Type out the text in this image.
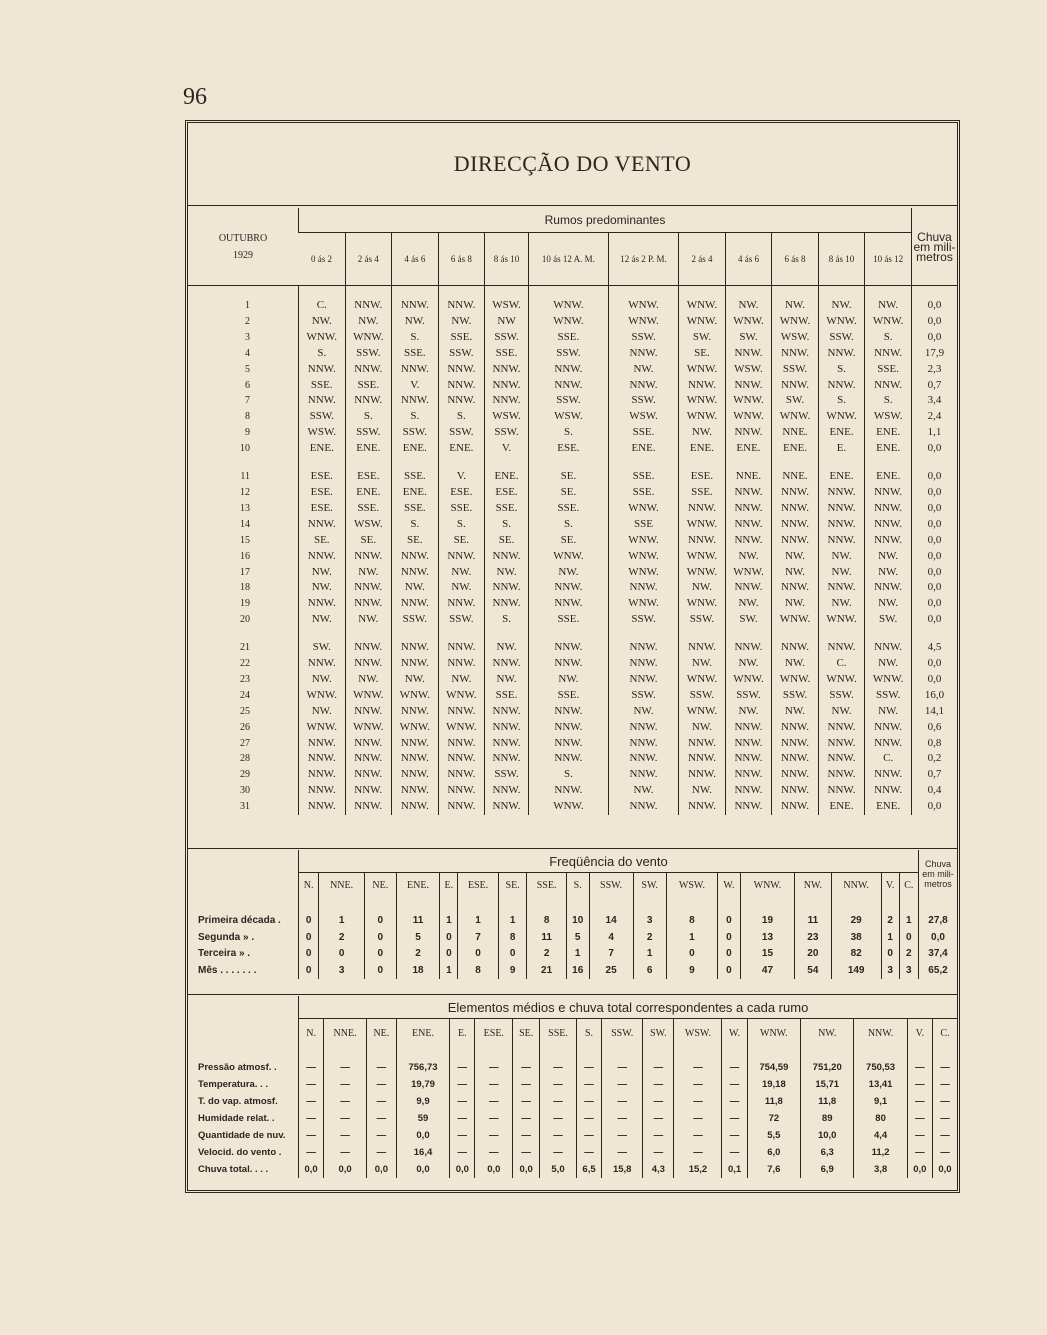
96
DIRECÇÃO DO VENTO
OUTUBRO
1929	Rumos predominantes												Chuva em mili- metros
	0 ás 2	2 ás 4	4 ás 6	6 ás 8	8 ás 10	10 ás 12 A. M.	12 ás 2 P. M.	2 ás 4	4 ás 6	6 ás 8	8 ás 10	10 ás 12	

1	C.	NNW.	NNW.	NNW.	WSW.	WNW.	WNW.	WNW.	NW.	NW.	NW.	NW.	0,0
2	NW.	NW.	NW.	NW.	NW	WNW.	WNW.	WNW.	WNW.	WNW.	WNW.	WNW.	0,0
3	WNW.	WNW.	S.	SSE.	SSW.	SSE.	SSW.	SW.	SW.	WSW.	SSW.	S.	0,0
4	S.	SSW.	SSE.	SSW.	SSE.	SSW.	NNW.	SE.	NNW.	NNW.	NNW.	NNW.	17,9
5	NNW.	NNW.	NNW.	NNW.	NNW.	NNW.	NW.	WNW.	WSW.	SSW.	S.	SSE.	2,3
6	SSE.	SSE.	V.	NNW.	NNW.	NNW.	NNW.	NNW.	NNW.	NNW.	NNW.	NNW.	0,7
7	NNW.	NNW.	NNW.	NNW.	NNW.	SSW.	SSW.	WNW.	WNW.	SW.	S.	S.	3,4
8	SSW.	S.	S.	S.	WSW.	WSW.	WSW.	WNW.	WNW.	WNW.	WNW.	WSW.	2,4
9	WSW.	SSW.	SSW.	SSW.	SSW.	S.	SSE.	NW.	NNW.	NNE.	ENE.	ENE.	1,1
10	ENE.	ENE.	ENE.	ENE.	V.	ESE.	ENE.	ENE.	ENE.	ENE.	E.	ENE.	0,0

11	ESE.	ESE.	SSE.	V.	ENE.	SE.	SSE.	ESE.	NNE.	NNE.	ENE.	ENE.	0,0
12	ESE.	ENE.	ENE.	ESE.	ESE.	SE.	SSE.	SSE.	NNW.	NNW.	NNW.	NNW.	0,0
13	ESE.	SSE.	SSE.	SSE.	SSE.	SSE.	WNW.	NNW.	NNW.	NNW.	NNW.	NNW.	0,0
14	NNW.	WSW.	S.	S.	S.	S.	SSE	WNW.	NNW.	NNW.	NNW.	NNW.	0,0
15	SE.	SE.	SE.	SE.	SE.	SE.	WNW.	NNW.	NNW.	NNW.	NNW.	NNW.	0,0
16	NNW.	NNW.	NNW.	NNW.	NNW.	WNW.	WNW.	WNW.	NW.	NW.	NW.	NW.	0,0
17	NW.	NW.	NNW.	NW.	NW.	NW.	WNW.	WNW.	WNW.	NW.	NW.	NW.	0,0
18	NW.	NNW.	NW.	NW.	NNW.	NNW.	NNW.	NW.	NNW.	NNW.	NNW.	NNW.	0,0
19	NNW.	NNW.	NNW.	NNW.	NNW.	NNW.	WNW.	WNW.	NW.	NW.	NW.	NW.	0,0
20	NW.	NW.	SSW.	SSW.	S.	SSE.	SSW.	SSW.	SW.	WNW.	WNW.	SW.	0,0

21	SW.	NNW.	NNW.	NNW.	NW.	NNW.	NNW.	NNW.	NNW.	NNW.	NNW.	NNW.	4,5
22	NNW.	NNW.	NNW.	NNW.	NNW.	NNW.	NNW.	NW.	NW.	NW.	C.	NW.	0,0
23	NW.	NW.	NW.	NW.	NW.	NW.	NNW.	WNW.	WNW.	WNW.	WNW.	WNW.	0,0
24	WNW.	WNW.	WNW.	WNW.	SSE.	SSE.	SSW.	SSW.	SSW.	SSW.	SSW.	SSW.	16,0
25	NW.	NNW.	NNW.	NNW.	NNW.	NNW.	NW.	WNW.	NW.	NW.	NW.	NW.	14,1
26	WNW.	WNW.	WNW.	WNW.	NNW.	NNW.	NNW.	NW.	NNW.	NNW.	NNW.	NNW.	0,6
27	NNW.	NNW.	NNW.	NNW.	NNW.	NNW.	NNW.	NNW.	NNW.	NNW.	NNW.	NNW.	0,8
28	NNW.	NNW.	NNW.	NNW.	NNW.	NNW.	NNW.	NNW.	NNW.	NNW.	NNW.	C.	0,2
29	NNW.	NNW.	NNW.	NNW.	SSW.	S.	NNW.	NNW.	NNW.	NNW.	NNW.	NNW.	0,7
30	NNW.	NNW.	NNW.	NNW.	NNW.	NNW.	NW.	NW.	NNW.	NNW.	NNW.	NNW.	0,4
31	NNW.	NNW.	NNW.	NNW.	NNW.	WNW.	NNW.	NNW.	NNW.	NNW.	ENE.	ENE.	0,0
	Freqüência do vento																		Chuva em mili- metros
	N.	NNE.	NE.	ENE.	E.	ESE.	SE.	SSE.	S.	SSW.	SW.	WSW.	W.	WNW.	NW.	NNW.	V.	C.	

Primeira década .	0	1	0	11	1	1	1	8	10	14	3	8	0	19	11	29	2	1	27,8
Segunda » .	0	2	0	5	0	7	8	11	5	4	2	1	0	13	23	38	1	0	0,0
Terceira » .	0	0	0	2	0	0	0	2	1	7	1	0	0	15	20	82	0	2	37,4
Mês . . . . . . .	0	3	0	18	1	8	9	21	16	25	6	9	0	47	54	149	3	3	65,2
	Elementos médios e chuva total correspondentes a cada rumo																	
	N.	NNE.	NE.	ENE.	E.	ESE.	SE.	SSE.	S.	SSW.	SW.	WSW.	W.	WNW.	NW.	NNW.	V.	C.

Pressão atmosf. .	—	—	—	756,73	—	—	—	—	—	—	—	—	—	754,59	751,20	750,53	—	—
Temperatura. . .	—	—	—	19,79	—	—	—	—	—	—	—	—	—	19,18	15,71	13,41	—	—
T. do vap. atmosf.	—	—	—	9,9	—	—	—	—	—	—	—	—	—	11,8	11,8	9,1	—	—
Humidade relat. .	—	—	—	59	—	—	—	—	—	—	—	—	—	72	89	80	—	—
Quantidade de nuv.	—	—	—	0,0	—	—	—	—	—	—	—	—	—	5,5	10,0	4,4	—	—
Velocid. do vento .	—	—	—	16,4	—	—	—	—	—	—	—	—	—	6,0	6,3	11,2	—	—
Chuva total. . . .	0,0	0,0	0,0	0,0	0,0	0,0	0,0	5,0	6,5	15,8	4,3	15,2	0,1	7,6	6,9	3,8	0,0	0,0
